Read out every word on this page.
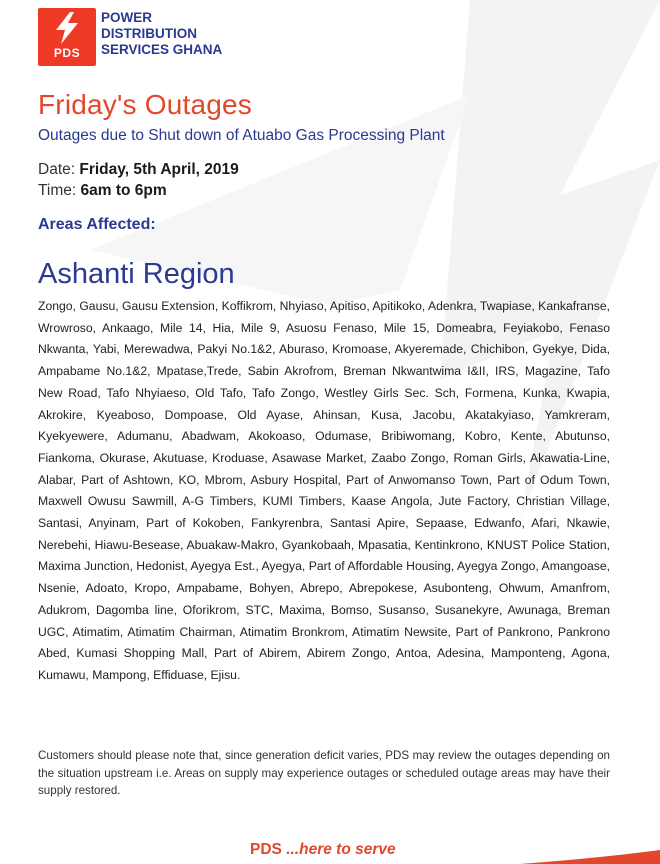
PDS
POWER
DISTRIBUTION
SERVICES GHANA
Friday's Outages
Outages due to Shut down of Atuabo Gas Processing Plant
Date: Friday, 5th April, 2019
Time: 6am to 6pm
Areas Affected:
Ashanti Region
Zongo, Gausu, Gausu Extension, Koffikrom, Nhyiaso, Apitiso, Apitikoko, Adenkra, Twapiase, Kankafranse, Wrowroso, Ankaago, Mile 14, Hia, Mile 9, Asuosu Fenaso, Mile 15, Domeabra, Feyiakobo, Fenaso Nkwanta, Yabi, Merewadwa, Pakyi No.1&2, Aburaso, Kromoase, Akyeremade, Chichibon, Gyekye, Dida, Ampabame No.1&2, Mpatase,Trede, Sabin Akrofrom, Breman Nkwantwima I&II, IRS, Magazine, Tafo New Road, Tafo Nhyiaeso, Old Tafo, Tafo Zongo, Westley Girls Sec. Sch, Formena, Kunka, Kwapia, Akrokire, Kyeaboso, Dompoase, Old Ayase, Ahinsan, Kusa, Jacobu, Akatakyiaso, Yamkreram, Kyekyewere, Adumanu, Abadwam, Akokoaso, Odumase, Bribiwomang, Kobro, Kente, Abutunso, Fiankoma, Okurase, Akutuase, Kroduase, Asawase Market, Zaabo Zongo, Roman Girls, Akawatia-Line, Alabar, Part of Ashtown, KO, Mbrom, Asbury Hospital, Part of Anwomanso Town, Part of Odum Town, Maxwell Owusu Sawmill, A-G Timbers, KUMI Timbers, Kaase Angola, Jute Factory, Christian Village, Santasi, Anyinam, Part of Kokoben, Fankyrenbra, Santasi Apire, Sepaase, Edwanfo, Afari, Nkawie, Nerebehi, Hiawu-Besease, Abuakaw-Makro, Gyankobaah, Mpasatia, Kentinkrono, KNUST Police Station, Maxima Junction, Hedonist, Ayegya Est., Ayegya, Part of Affordable Housing, Ayegya Zongo, Amangoase, Nsenie, Adoato, Kropo, Ampabame, Bohyen, Abrepo, Abrepokese, Asubonteng, Ohwum, Amanfrom, Adukrom, Dagomba line, Oforikrom, STC, Maxima, Bomso, Susanso, Susanekyre, Awunaga, Breman UGC, Atimatim, Atimatim Chairman, Atimatim Bronkrom, Atimatim Newsite, Part of Pankrono, Pankrono Abed, Kumasi Shopping Mall, Part of Abirem, Abirem Zongo, Antoa, Adesina, Mamponteng, Agona, Kumawu, Mampong, Effiduase, Ejisu.
Customers should please note that, since generation deficit varies, PDS may review the outages depending on the situation upstream i.e. Areas on supply may experience outages or scheduled outage areas may have their supply restored.
PDS ...here to serve
